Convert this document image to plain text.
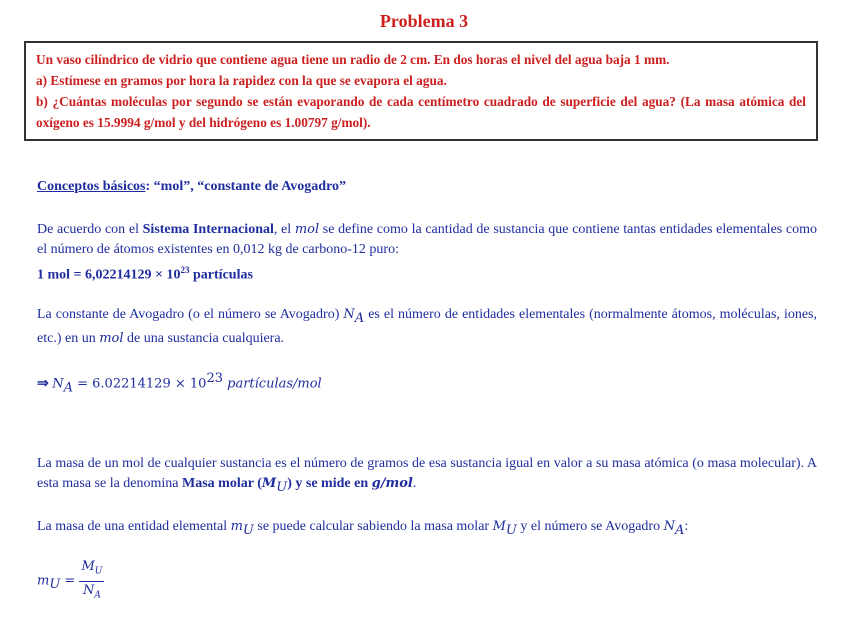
Problema 3
Un vaso cilíndrico de vidrio que contiene agua tiene un radio de 2 cm. En dos horas el nivel del agua baja 1 mm.
a) Estímese en gramos por hora la rapidez con la que se evapora el agua.
b) ¿Cuántas moléculas por segundo se están evaporando de cada centímetro cuadrado de superficie del agua? (La masa atómica del oxígeno es 15.9994 g/mol y del hidrógeno es 1.00797 g/mol).
Conceptos básicos: “mol”, “constante de Avogadro”
De acuerdo con el Sistema Internacional, el mol se define como la cantidad de sustancia que contiene tantas entidades elementales como el número de átomos existentes en 0,012 kg de carbono-12 puro:
1 mol = $6,02214129 \times 10^{23}$ partículas
La constante de Avogadro (o el número se Avogadro) $N_A$ es el número de entidades elementales (normalmente átomos, moléculas, iones, etc.) en un mol de una sustancia cualquiera.
⇒ $N_A = 6.02214129 \times 10^{23}$ partículas/mol
La masa de un mol de cualquier sustancia es el número de gramos de esa sustancia igual en valor a su masa atómica (o masa molecular). A esta masa se la denomina Masa molar $(M_U)$ y se mide en g/mol.
La masa de una entidad elemental $m_U$ se puede calcular sabiendo la masa molar $M_U$ y el número se Avogadro $N_A$:
$m_U = \frac{M_U}{N_A}$
